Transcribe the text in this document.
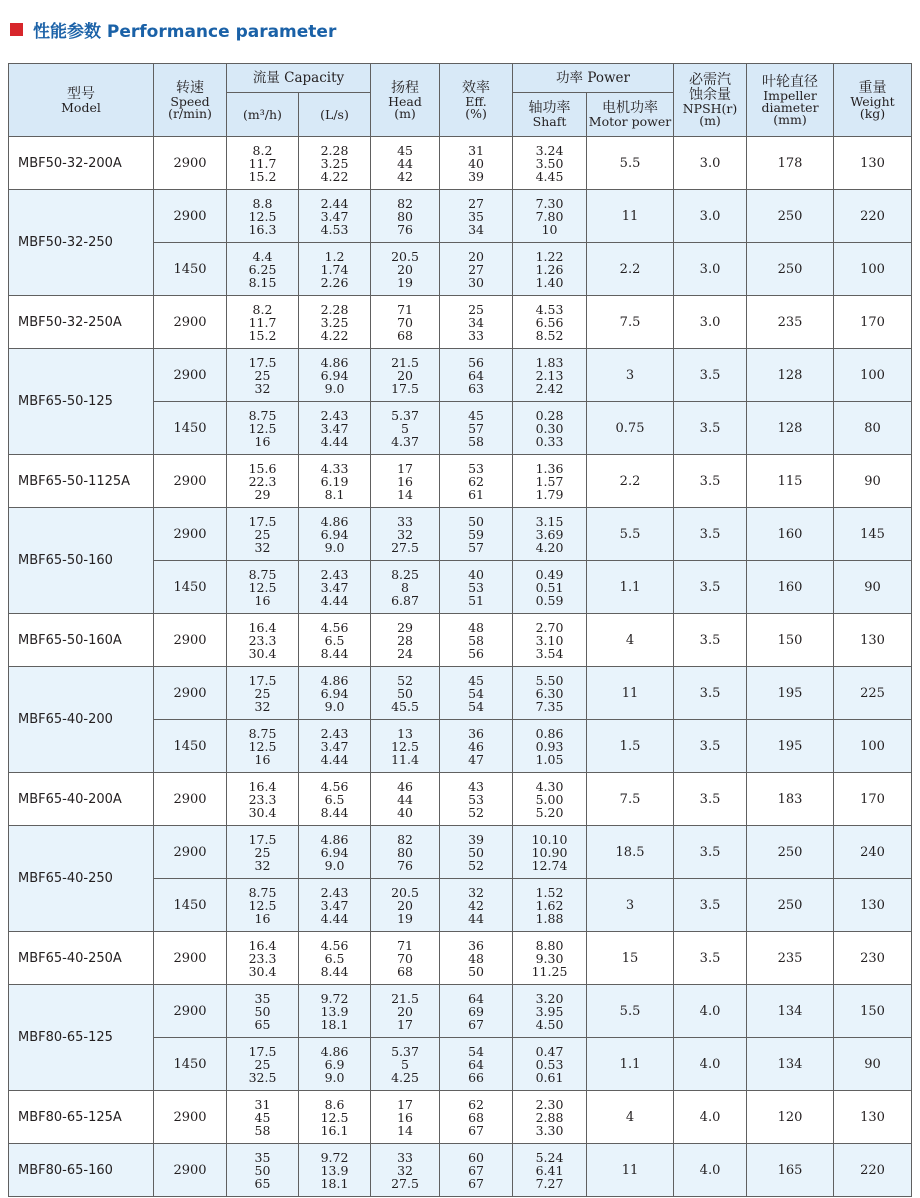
性能参数 Performance parameter
型号
Model	转速
Speed
(r/min)	流量 Capacity		扬程
Head
(m)	效率
Eff.
(%)	功率 Power		必需汽
蚀余量
NPSH(r)
(m)	叶轮直径
Impeller
diameter
(mm)	重量
Weight
(kg)

		(m³/h)	(L/s)			轴功率
Shaft	电机功率
Motor power			

MBF50-32-200A	2900	8.2
11.7
15.2	2.28
3.25
4.22	45
44
42	31
40
39	3.24
3.50
4.45	5.5	3.0	178	130
MBF50-32-250	2900	8.8
12.5
16.3	2.44
3.47
4.53	82
80
76	27
35
34	7.30
7.80
10	11	3.0	250	220
	1450	4.4
6.25
8.15	1.2
1.74
2.26	20.5
20
19	20
27
30	1.22
1.26
1.40	2.2	3.0	250	100
MBF50-32-250A	2900	8.2
11.7
15.2	2.28
3.25
4.22	71
70
68	25
34
33	4.53
6.56
8.52	7.5	3.0	235	170
MBF65-50-125	2900	17.5
25
32	4.86
6.94
9.0	21.5
20
17.5	56
64
63	1.83
2.13
2.42	3	3.5	128	100
	1450	8.75
12.5
16	2.43
3.47
4.44	5.37
5
4.37	45
57
58	0.28
0.30
0.33	0.75	3.5	128	80
MBF65-50-1125A	2900	15.6
22.3
29	4.33
6.19
8.1	17
16
14	53
62
61	1.36
1.57
1.79	2.2	3.5	115	90
MBF65-50-160	2900	17.5
25
32	4.86
6.94
9.0	33
32
27.5	50
59
57	3.15
3.69
4.20	5.5	3.5	160	145
	1450	8.75
12.5
16	2.43
3.47
4.44	8.25
8
6.87	40
53
51	0.49
0.51
0.59	1.1	3.5	160	90
MBF65-50-160A	2900	16.4
23.3
30.4	4.56
6.5
8.44	29
28
24	48
58
56	2.70
3.10
3.54	4	3.5	150	130
MBF65-40-200	2900	17.5
25
32	4.86
6.94
9.0	52
50
45.5	45
54
54	5.50
6.30
7.35	11	3.5	195	225
	1450	8.75
12.5
16	2.43
3.47
4.44	13
12.5
11.4	36
46
47	0.86
0.93
1.05	1.5	3.5	195	100
MBF65-40-200A	2900	16.4
23.3
30.4	4.56
6.5
8.44	46
44
40	43
53
52	4.30
5.00
5.20	7.5	3.5	183	170
MBF65-40-250	2900	17.5
25
32	4.86
6.94
9.0	82
80
76	39
50
52	10.10
10.90
12.74	18.5	3.5	250	240
	1450	8.75
12.5
16	2.43
3.47
4.44	20.5
20
19	32
42
44	1.52
1.62
1.88	3	3.5	250	130
MBF65-40-250A	2900	16.4
23.3
30.4	4.56
6.5
8.44	71
70
68	36
48
50	8.80
9.30
11.25	15	3.5	235	230
MBF80-65-125	2900	35
50
65	9.72
13.9
18.1	21.5
20
17	64
69
67	3.20
3.95
4.50	5.5	4.0	134	150
	1450	17.5
25
32.5	4.86
6.9
9.0	5.37
5
4.25	54
64
66	0.47
0.53
0.61	1.1	4.0	134	90
MBF80-65-125A	2900	31
45
58	8.6
12.5
16.1	17
16
14	62
68
67	2.30
2.88
3.30	4	4.0	120	130
MBF80-65-160	2900	35
50
65	9.72
13.9
18.1	33
32
27.5	60
67
67	5.24
6.41
7.27	11	4.0	165	220
